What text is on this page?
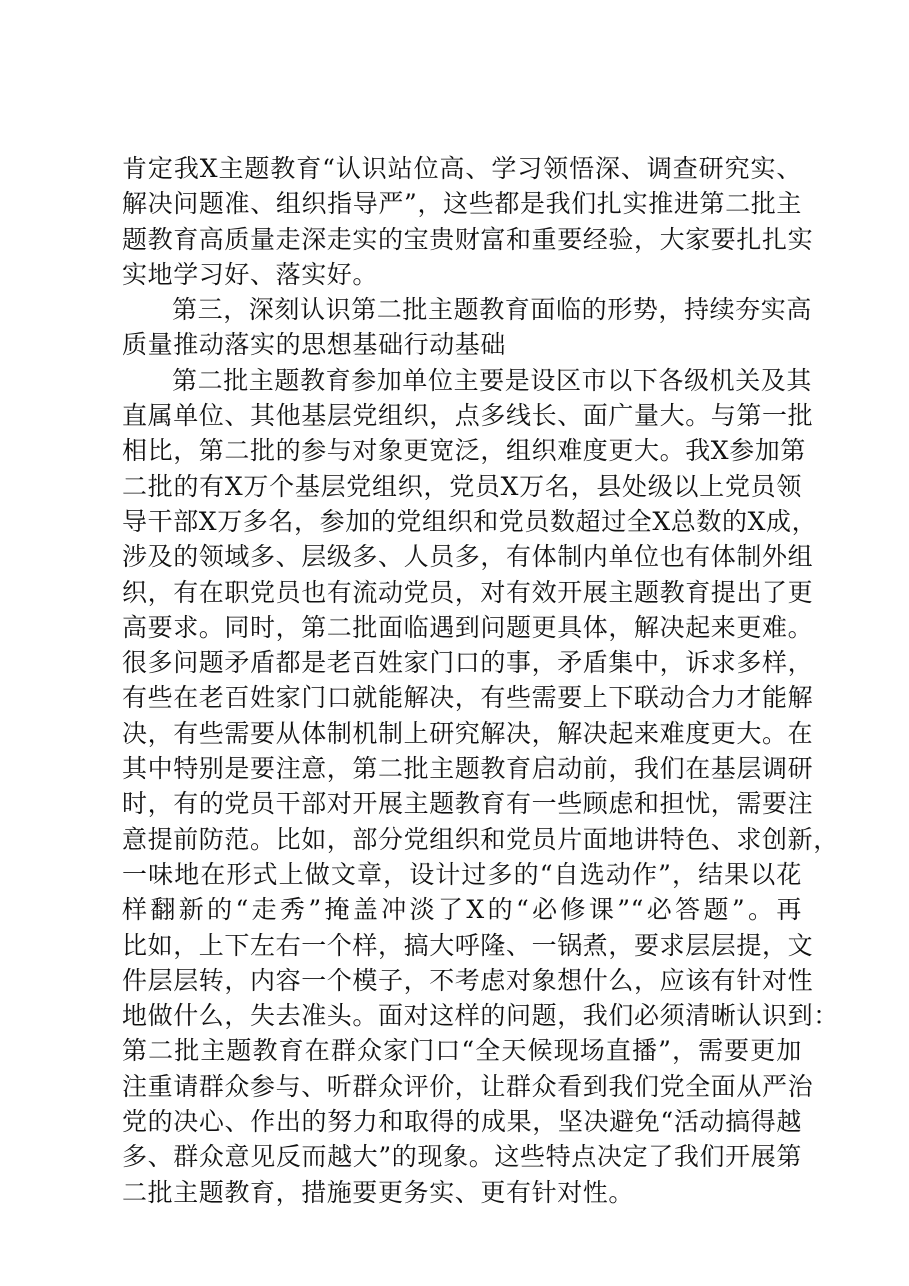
肯定我X主题教育“认识站位高、学习领悟深、调查研究实、
解决问题准、组织指导严”，这些都是我们扎实推进第二批主
题教育高质量走深走实的宝贵财富和重要经验，大家要扎扎实
实地学习好、落实好。
第三，深刻认识第二批主题教育面临的形势，持续夯实高
质量推动落实的思想基础行动基础
第二批主题教育参加单位主要是设区市以下各级机关及其
直属单位、其他基层党组织，点多线长、面广量大。与第一批
相比，第二批的参与对象更宽泛，组织难度更大。我X参加第
二批的有X万个基层党组织，党员X万名，县处级以上党员领
导干部X万多名，参加的党组织和党员数超过全X总数的X成，
涉及的领域多、层级多、人员多，有体制内单位也有体制外组
织，有在职党员也有流动党员，对有效开展主题教育提出了更
高要求。同时，第二批面临遇到问题更具体，解决起来更难。
很多问题矛盾都是老百姓家门口的事，矛盾集中，诉求多样，
有些在老百姓家门口就能解决，有些需要上下联动合力才能解
决，有些需要从体制机制上研究解决，解决起来难度更大。在
其中特别是要注意，第二批主题教育启动前，我们在基层调研
时，有的党员干部对开展主题教育有一些顾虑和担忧，需要注
意提前防范。比如，部分党组织和党员片面地讲特色、求创新，
一味地在形式上做文章，设计过多的“自选动作”，结果以花
样翻新的“走秀”掩盖冲淡了X的“必修课”“必答题”。再
比如，上下左右一个样，搞大呼隆、一锅煮，要求层层提，文
件层层转，内容一个模子，不考虑对象想什么，应该有针对性
地做什么，失去准头。面对这样的问题，我们必须清晰认识到：
第二批主题教育在群众家门口“全天候现场直播”，需要更加
注重请群众参与、听群众评价，让群众看到我们党全面从严治
党的决心、作出的努力和取得的成果，坚决避免“活动搞得越
多、群众意见反而越大”的现象。这些特点决定了我们开展第
二批主题教育，措施要更务实、更有针对性。
